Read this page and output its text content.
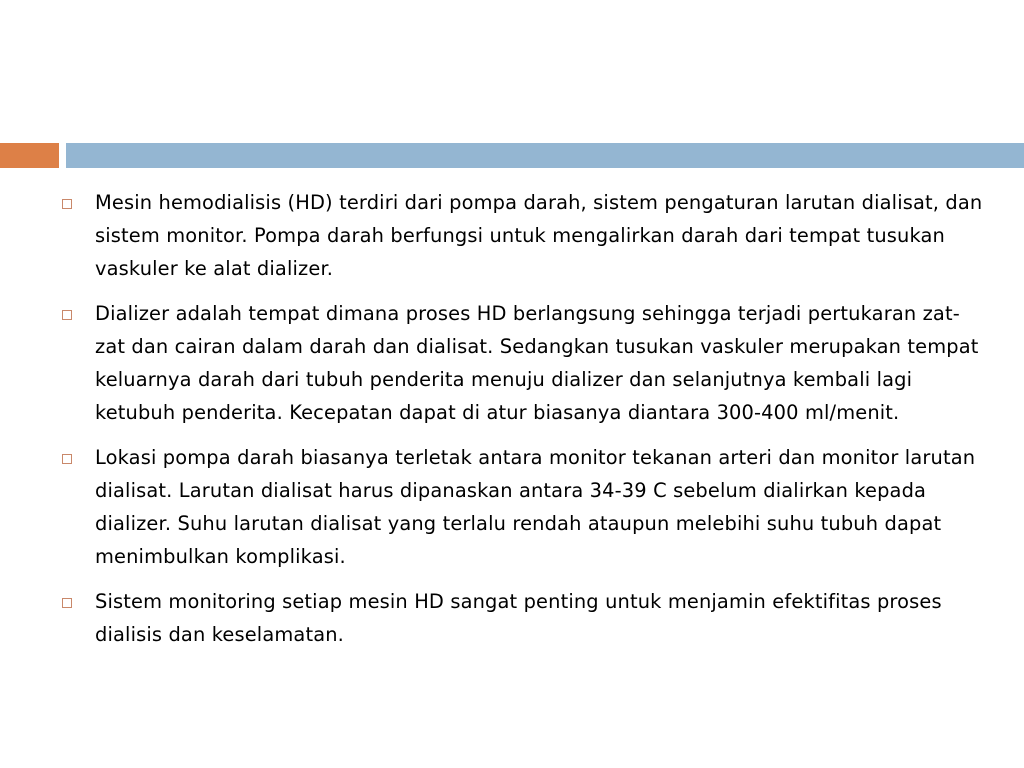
Mesin hemodialisis (HD) terdiri dari pompa darah, sistem pengaturan larutan dialisat, dan sistem monitor. Pompa darah berfungsi untuk mengalirkan darah dari tempat tusukan vaskuler ke alat dializer.
Dializer adalah tempat dimana proses HD berlangsung sehingga terjadi pertukaran zat-zat dan cairan dalam darah dan dialisat. Sedangkan tusukan vaskuler merupakan tempat keluarnya darah dari tubuh penderita menuju dializer dan selanjutnya kembali lagi ketubuh penderita. Kecepatan dapat di atur biasanya diantara 300-400 ml/menit.
Lokasi pompa darah biasanya terletak antara monitor tekanan arteri dan monitor larutan dialisat. Larutan dialisat harus dipanaskan antara 34-39 C sebelum dialirkan kepada dializer. Suhu larutan dialisat yang terlalu rendah ataupun melebihi suhu tubuh dapat menimbulkan komplikasi.
Sistem monitoring setiap mesin HD sangat penting untuk menjamin efektifitas proses dialisis dan keselamatan.
